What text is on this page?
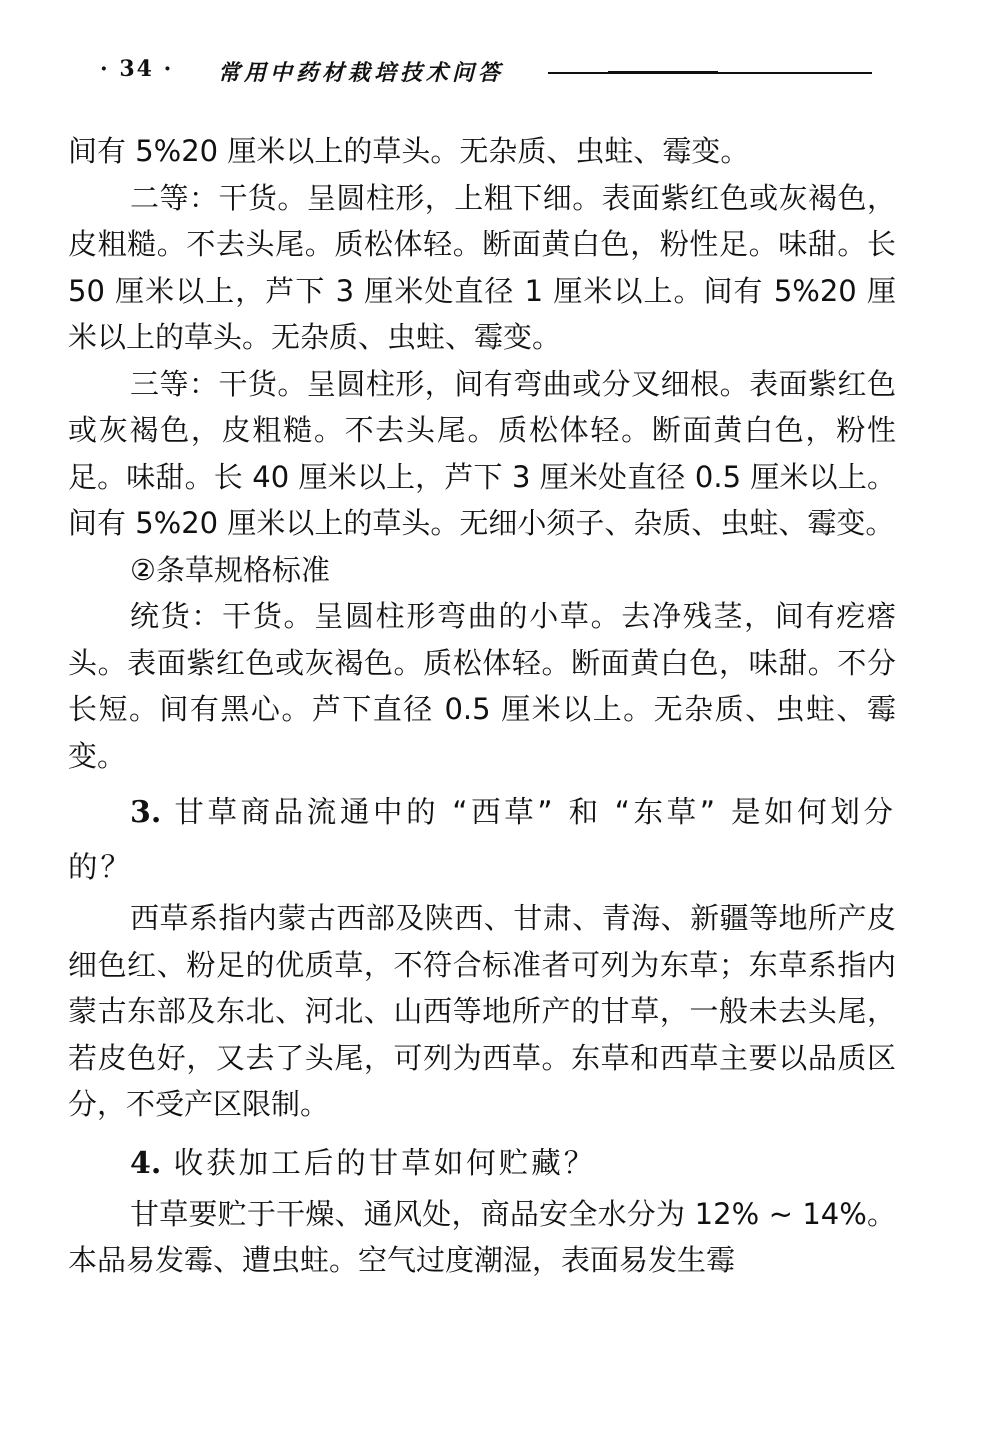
· 34 · 常用中药材栽培技术问答

间有 5%20 厘米以上的草头。无杂质、虫蛀、霉变。

二等：干货。呈圆柱形，上粗下细。表面紫红色或灰褐色，皮粗糙。不去头尾。质松体轻。断面黄白色，粉性足。味甜。长 50 厘米以上，芦下 3 厘米处直径 1 厘米以上。间有 5%20 厘米以上的草头。无杂质、虫蛀、霉变。

三等：干货。呈圆柱形，间有弯曲或分叉细根。表面紫红色或灰褐色，皮粗糙。不去头尾。质松体轻。断面黄白色，粉性足。味甜。长 40 厘米以上，芦下 3 厘米处直径 0.5 厘米以上。间有 5%20 厘米以上的草头。无细小须子、杂质、虫蛀、霉变。

②条草规格标准

统货：干货。呈圆柱形弯曲的小草。去净残茎，间有疙瘩头。表面紫红色或灰褐色。质松体轻。断面黄白色，味甜。不分长短。间有黑心。芦下直径 0.5 厘米以上。无杂质、虫蛀、霉变。

3. 甘草商品流通中的 “西草” 和 “东草” 是如何划分的？

西草系指内蒙古西部及陕西、甘肃、青海、新疆等地所产皮细色红、粉足的优质草，不符合标准者可列为东草；东草系指内蒙古东部及东北、河北、山西等地所产的甘草，一般未去头尾，若皮色好，又去了头尾，可列为西草。东草和西草主要以品质区分，不受产区限制。

4. 收获加工后的甘草如何贮藏？

甘草要贮于干燥、通风处，商品安全水分为 12% ~ 14%。本品易发霉、遭虫蛀。空气过度潮湿，表面易发生霉
